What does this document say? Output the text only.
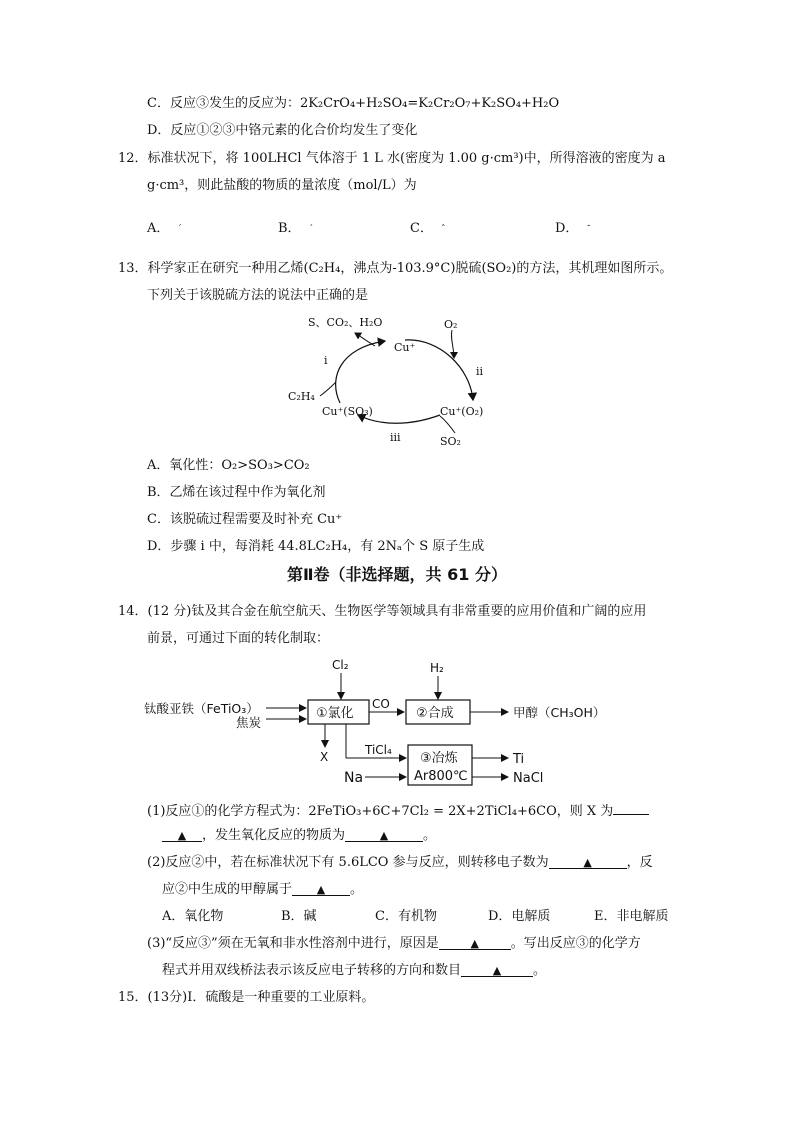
C．反应③发生的反应为：2K₂CrO₄+H₂SO₄=K₂Cr₂O₇+K₂SO₄+H₂O
D．反应①②③中铬元素的化合价均发生了变化
12．标准状况下，将 100LHCl 气体溶于 1 L 水(密度为 1.00 g·cm³)中，所得溶液的密度为 a
g·cm³，则此盐酸的物质的量浓度（mol/L）为
A． ˊ	B． ˊ	C． ˆ	D． ˉ
13．科学家正在研究一种用乙烯(C₂H₄，沸点为-103.9°C)脱硫(SO₂)的方法，其机理如图所示。
下列关于该脱硫方法的说法中正确的是
S、CO₂、H₂O	O₂
Cu⁺
i
ii
C₂H₄
Cu⁺(SO₃)	Cu⁺(O₂)
iii	SO₂
A．氧化性：O₂>SO₃>CO₂
B．乙烯在该过程中作为氧化剂
C．该脱硫过程需要及时补充 Cu⁺
D．步骤 i 中，每消耗 44.8LC₂H₄，有 2Nₐ个 S 原子生成
第Ⅱ卷（非选择题，共 61 分）
14．(12 分)钛及其合金在航空航天、生物医学等领域具有非常重要的应用价值和广阔的应用
前景，可通过下面的转化制取：
Cl₂	H₂
钛酸亚铁（FeTiO₃）
焦炭
①氯化
CO
②合成	甲醇（CH₃OH）
X	TiCl₄
③冶炼
Ar800℃
Na
Ti
NaCl
(1)反应①的化学方程式为：2FeTiO₃+6C+7Cl₂ = 2X+2TiCl₄+6CO，则 X 为
▲ ，发生氧化反应的物质为	▲	。
(2)反应②中，若在标准状况下有 5.6LCO 参与反应，则转移电子数为	▲	，反
应②中生成的甲醇属于 ▲ 。
A．氧化物	B．碱	C．有机物	D．电解质	E．非电解质
(3)“反应③”须在无氧和非水性溶剂中进行，原因是	▲ 。写出反应③的化学方
程式并用双线桥法表示该反应电子转移的方向和数目	▲ 。
15．(13分)Ⅰ．硫酸是一种重要的工业原料。
